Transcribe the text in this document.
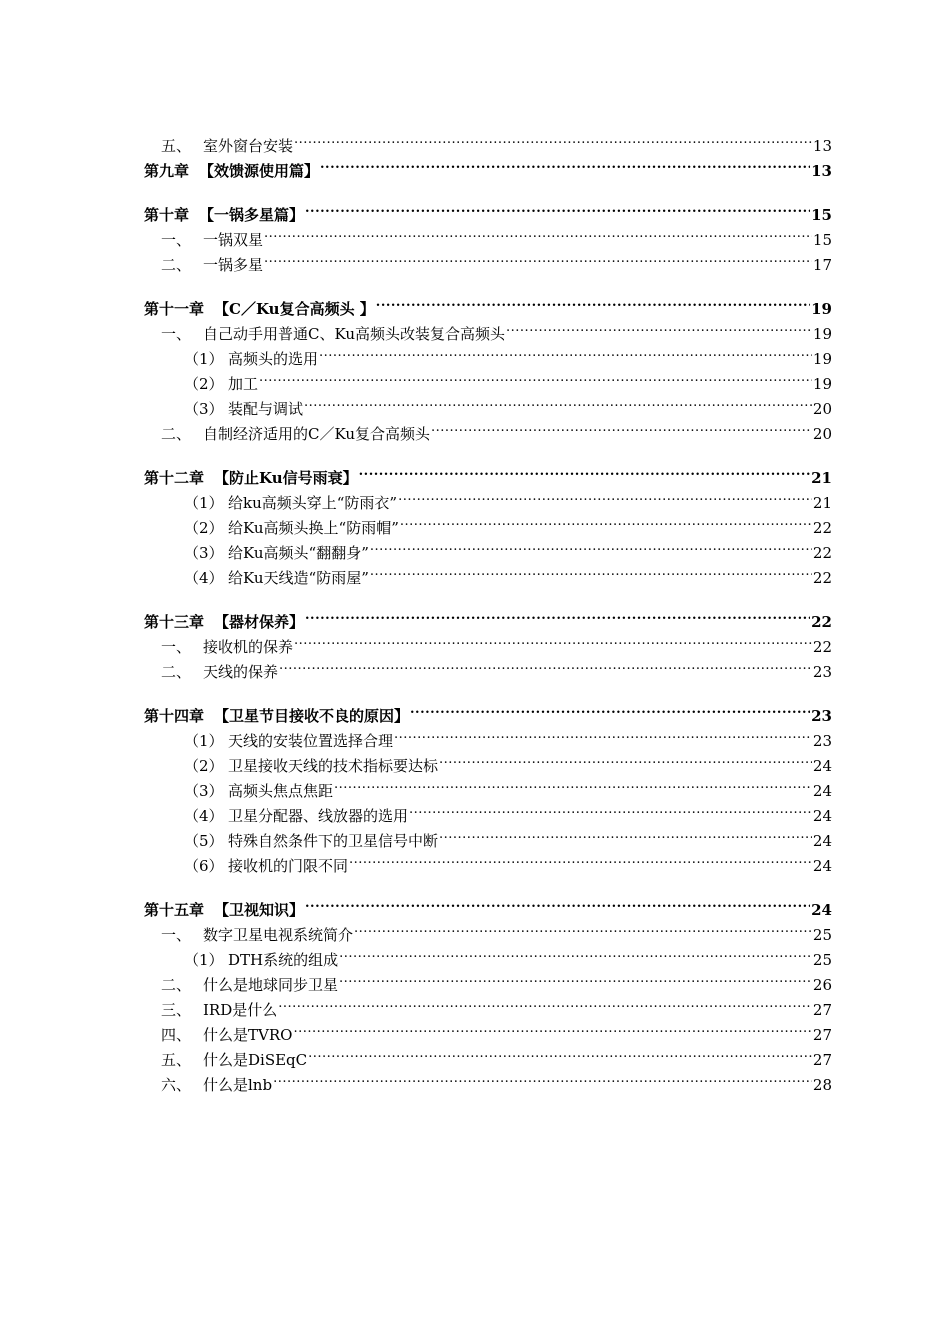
五、 室外窗台安装 .....	13
第九章 【效馈源使用篇】 .....	13
第十章 【一锅多星篇】 .....	15
一、 一锅双星 .....	15
二、 一锅多星 .....	17
第十一章 【C／Ku复合高频头 】 .....	19
一、 自己动手用普通C、Ku高频头改装复合高频头 .....	19
（1） 高频头的选用 .....	19
（2） 加工 .....	19
（3） 装配与调试 .....	20
二、 自制经济适用的C／Ku复合高频头 .....	20
第十二章 【防止Ku信号雨衰】 .....	21
（1） 给ku高频头穿上“防雨衣” .....	21
（2） 给Ku高频头换上“防雨帽” .....	22
（3） 给Ku高频头“翻翻身” .....	22
（4） 给Ku天线造“防雨屋” .....	22
第十三章 【器材保养】 .....	22
一、 接收机的保养 .....	22
二、 天线的保养 .....	23
第十四章 【卫星节目接收不良的原因】 .....	23
（1） 天线的安装位置选择合理 .....	23
（2） 卫星接收天线的技术指标要达标 .....	24
（3） 高频头焦点焦距 .....	24
（4） 卫星分配器、线放器的选用 .....	24
（5） 特殊自然条件下的卫星信号中断 .....	24
（6） 接收机的门限不同 .....	24
第十五章 【卫视知识】 .....	24
一、 数字卫星电视系统简介 .....	25
（1） DTH系统的组成 .....	25
二、 什么是地球同步卫星 .....	26
三、 IRD是什么 .....	27
四、 什么是TVRO .....	27
五、 什么是DiSEqC .....	27
六、 什么是lnb .....	28
